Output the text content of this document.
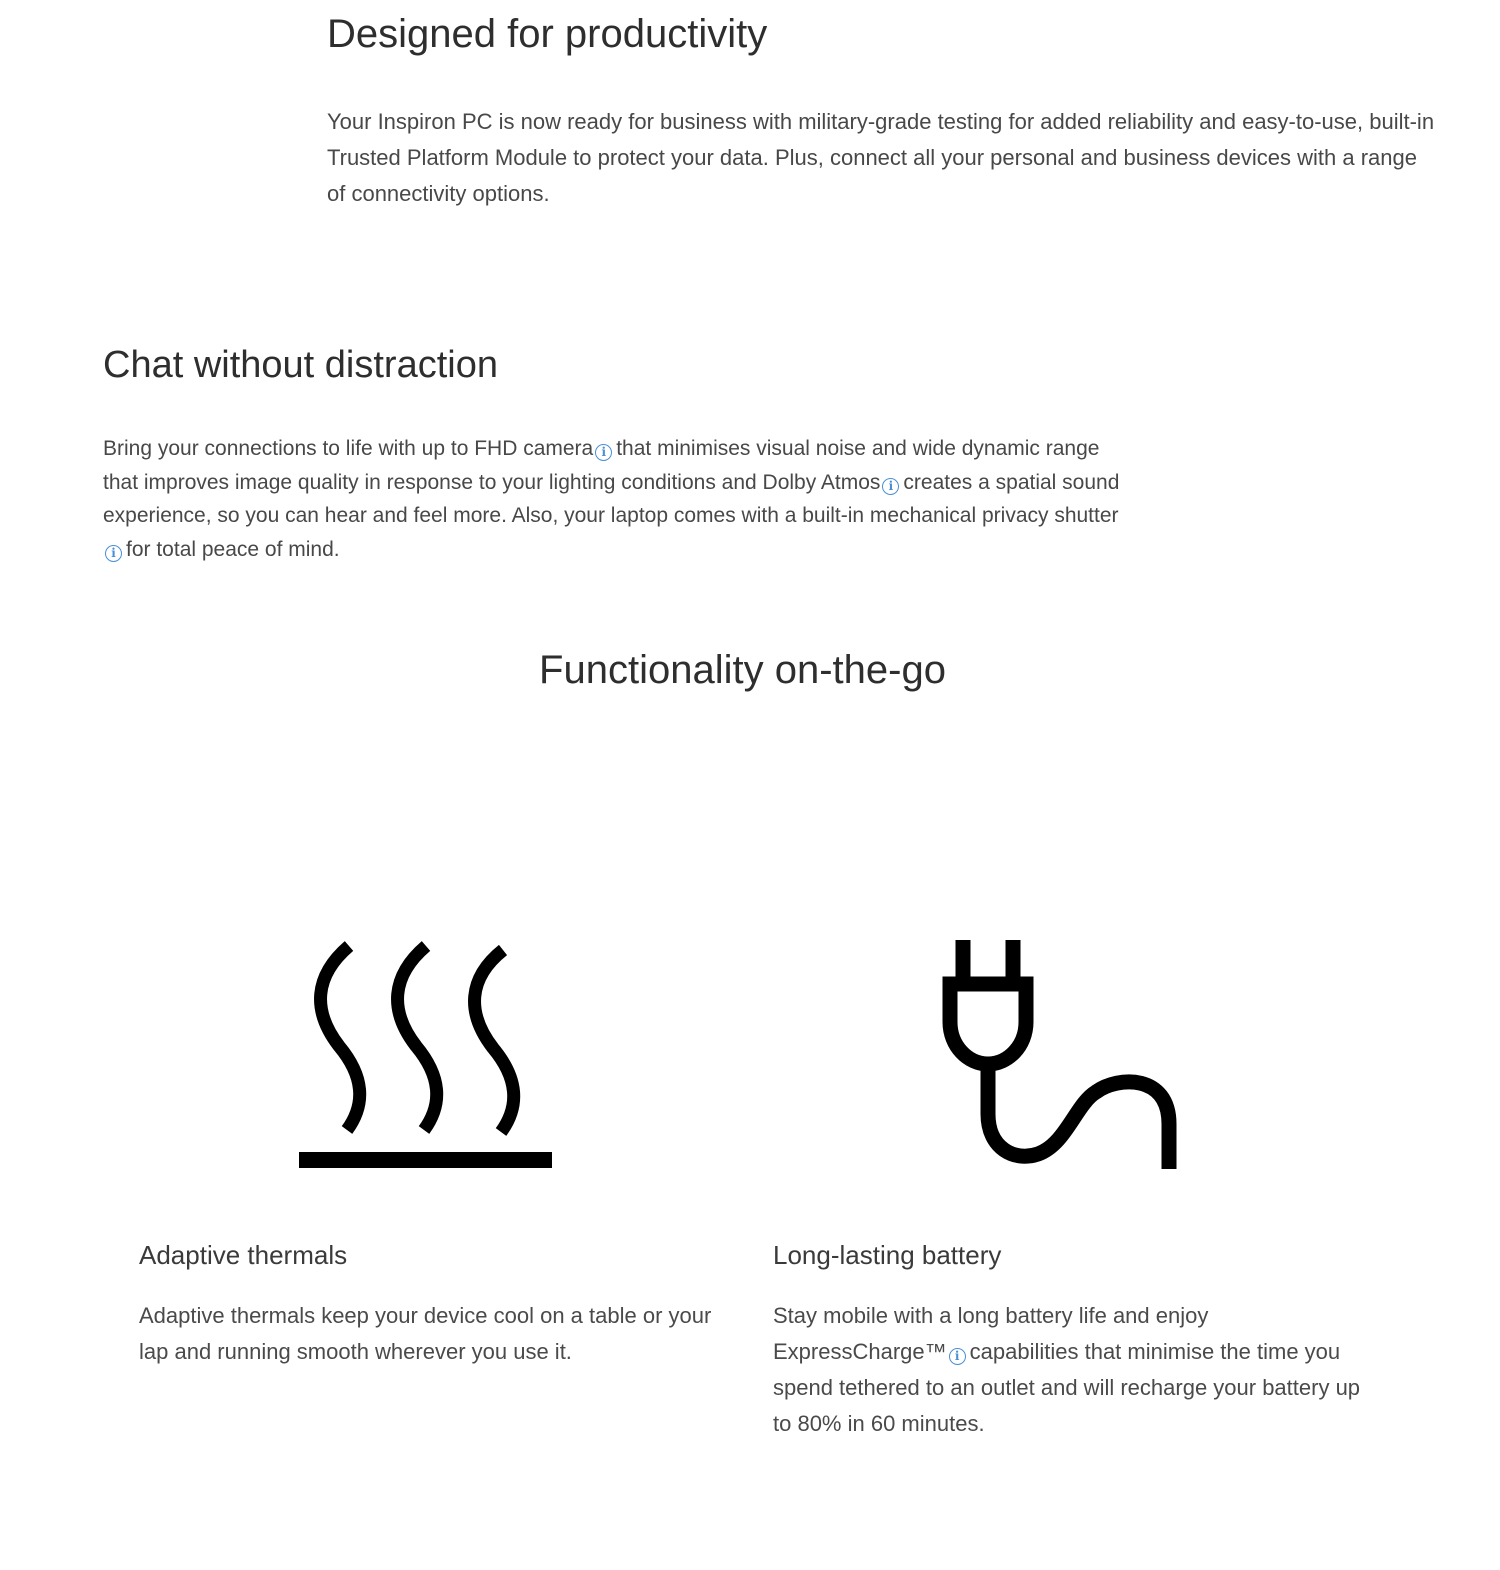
Designed for productivity

Your Inspiron PC is now ready for business with military-grade testing for added reliability and easy-to-use, built-in Trusted Platform Module to protect your data. Plus, connect all your personal and business devices with a range of connectivity options.

Chat without distraction

Bring your connections to life with up to FHD camera i that minimises visual noise and wide dynamic range that improves image quality in response to your lighting conditions and Dolby Atmos i creates a spatial sound experience, so you can hear and feel more. Also, your laptop comes with a built-in mechanical privacy shutterifor total peace of mind.

Functionality on-the-go
Adaptive thermals

Adaptive thermals keep your device cool on a table or your lap and running smooth wherever you use it.

Long-lasting battery

Stay mobile with a long battery life and enjoy ExpressCharge™ i capabilities that minimise the time you spend tethered to an outlet and will recharge your battery up to 80% in 60 minutes.
